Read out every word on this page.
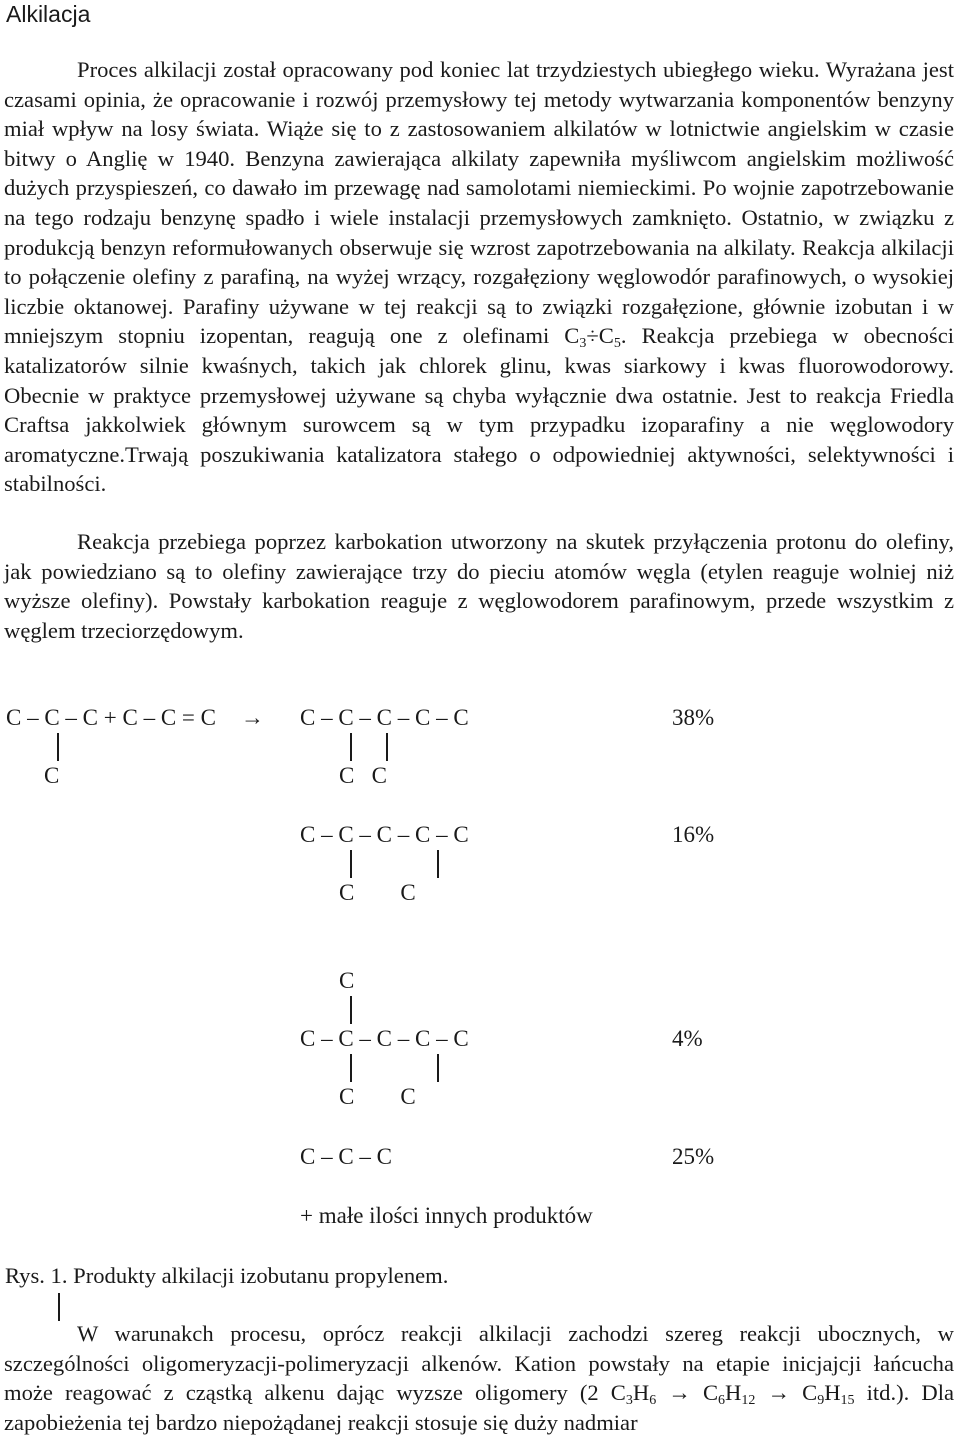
Alkilacja
Proces alkilacji został opracowany pod koniec lat trzydziestych ubiegłego wieku. Wyrażana jest czasami opinia, że opracowanie i rozwój przemysłowy tej metody wytwarzania komponentów benzyny miał wpływ na losy świata. Wiąże się to z zastosowaniem alkilatów w lotnictwie angielskim w czasie bitwy o Anglię w 1940. Benzyna zawierająca alkilaty zapewniła myśliwcom angielskim możliwość dużych przyspieszeń, co dawało im przewagę nad samolotami niemieckimi. Po wojnie zapotrzebowanie na tego rodzaju benzynę spadło i wiele instalacji przemysłowych zamknięto. Ostatnio, w związku z produkcją benzyn reformułowanych obserwuje się wzrost zapotrzebowania na alkilaty. Reakcja alkilacji to połączenie olefiny z parafiną, na wyżej wrzący, rozgałęziony węglowodór parafinowych, o wysokiej liczbie oktanowej. Parafiny używane w tej reakcji są to związki rozgałęzione, głównie izobutan i w mniejszym stopniu izopentan, reagują one z olefinami $C_3\div C_5$. Reakcja przebiega w obecności katalizatorów silnie kwaśnych, takich jak chlorek glinu, kwas siarkowy i kwas fluorowodorowy. Obecnie w praktyce przemysłowej używane są chyba wyłącznie dwa ostatnie. Jest to reakcja Friedla Craftsa jakkolwiek głównym surowcem są w tym przypadku izoparafiny a nie węglowodory aromatyczne.Trwają poszukiwania katalizatora stałego o odpowiedniej aktywności, selektywności i stabilności.
Reakcja przebiega poprzez karbokation utworzony na skutek przyłączenia protonu do olefiny, jak powiedziano są to olefiny zawierające trzy do pieciu atomów węgla (etylen reaguje wolniej niż wyższe olefiny). Powstały karbokation reaguje z węglowodorem parafinowym, przede wszystkim z węglem trzeciorzędowym.
C – C – C + C – C = C →
C
C – C – C – C – C	38%
C   C
C – C – C – C – C	16%
C        C
C
C – C – C – C – C	4%
C        C
C – C – C	25%
+ małe ilości innych produktów
Rys. 1. Produkty alkilacji izobutanu propylenem.
W warunakch procesu, oprócz reakcji alkilacji zachodzi szereg reakcji ubocznych, w szczególności oligomeryzacji-polimeryzacji alkenów. Kation powstały na etapie inicjajcji łańcucha może reagować z cząstką alkenu dając wyzsze oligomery (2 $C_3H_6 \to C_6H_{12} \to C_9H_{15}$ itd.). Dla zapobieżenia tej bardzo niepożądanej reakcji stosuje się duży nadmiar
